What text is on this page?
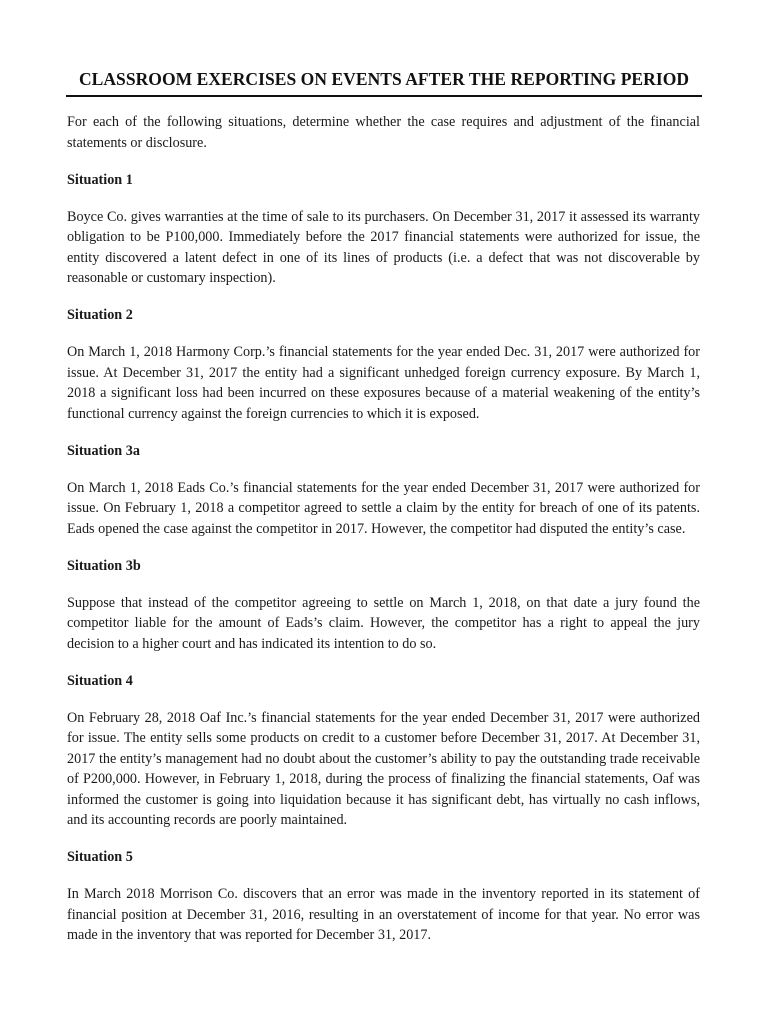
CLASSROOM EXERCISES ON EVENTS AFTER THE REPORTING PERIOD

For each of the following situations, determine whether the case requires and adjustment of the financial statements or disclosure.

Situation 1

Boyce Co. gives warranties at the time of sale to its purchasers. On December 31, 2017 it assessed its warranty obligation to be P100,000. Immediately before the 2017 financial statements were authorized for issue, the entity discovered a latent defect in one of its lines of products (i.e. a defect that was not discoverable by reasonable or customary inspection).

Situation 2

On March 1, 2018 Harmony Corp.’s financial statements for the year ended Dec. 31, 2017 were authorized for issue. At December 31, 2017 the entity had a significant unhedged foreign currency exposure. By March 1, 2018 a significant loss had been incurred on these exposures because of a material weakening of the entity’s functional currency against the foreign currencies to which it is exposed.

Situation 3a

On March 1, 2018 Eads Co.’s financial statements for the year ended December 31, 2017 were authorized for issue. On February 1, 2018 a competitor agreed to settle a claim by the entity for breach of one of its patents. Eads opened the case against the competitor in 2017. However, the competitor had disputed the entity’s case.

Situation 3b

Suppose that instead of the competitor agreeing to settle on March 1, 2018, on that date a jury found the competitor liable for the amount of Eads’s claim. However, the competitor has a right to appeal the jury decision to a higher court and has indicated its intention to do so.

Situation 4

On February 28, 2018 Oaf Inc.’s financial statements for the year ended December 31, 2017 were authorized for issue. The entity sells some products on credit to a customer before December 31, 2017. At December 31, 2017 the entity’s management had no doubt about the customer’s ability to pay the outstanding trade receivable of P200,000. However, in February 1, 2018, during the process of finalizing the financial statements, Oaf was informed the customer is going into liquidation because it has significant debt, has virtually no cash inflows, and its accounting records are poorly maintained.

Situation 5

In March 2018 Morrison Co. discovers that an error was made in the inventory reported in its statement of financial position at December 31, 2016, resulting in an overstatement of income for that year. No error was made in the inventory that was reported for December 31, 2017.
